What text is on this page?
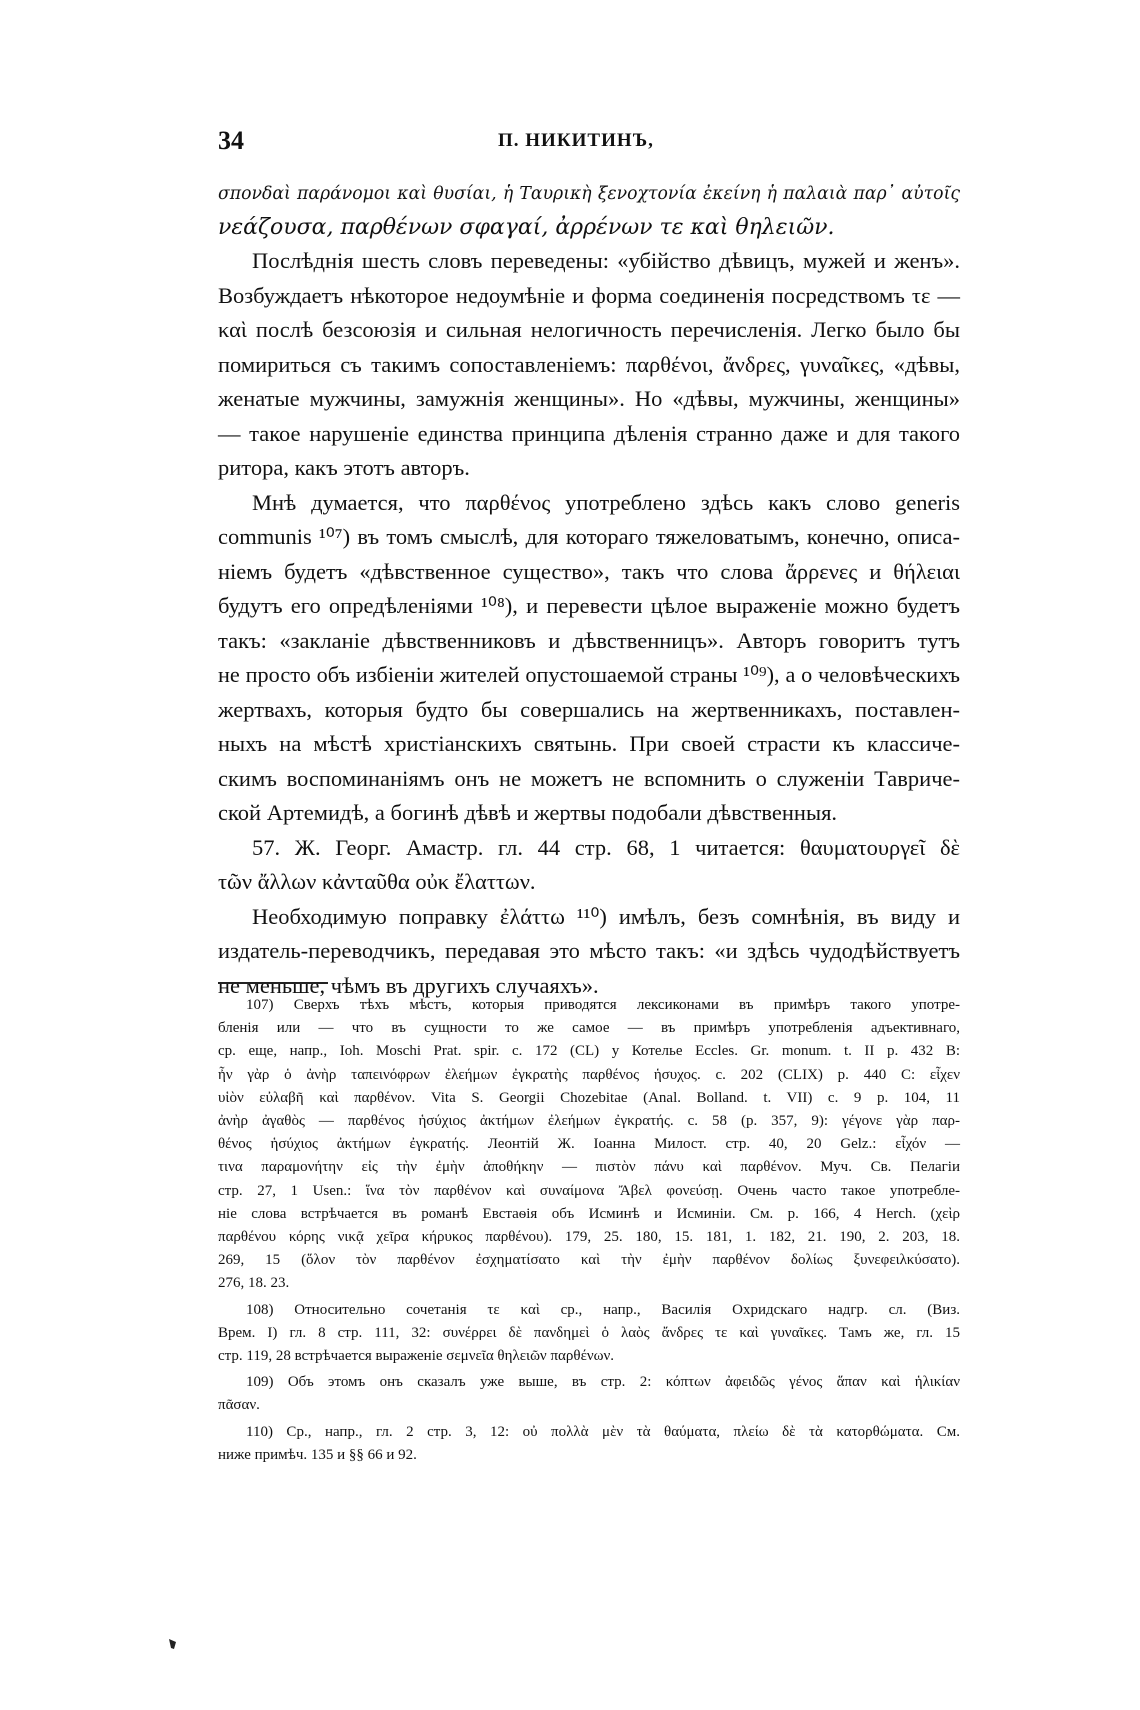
34	П. НИКИТИНЪ,
σπονδαὶ παράνομοι καὶ θυσίαι, ἡ Ταυρικὴ ξενοχτονία ἐκείνη ἡ παλαιὰ παρ᾽ αὐτοῖς
νεάζουσα, παρθένων σφαγαί, ἀρρένων τε καὶ θηλειῶν.
Послѣднія шесть словъ переведены: «убійство дѣвицъ, мужей и женъ».
Возбуждаетъ нѣкоторое недоумѣніе и форма соединенія посредствомъ τε —
καὶ послѣ безсоюзія и сильная нелогичность перечисленія. Легко было бы
помириться съ такимъ сопоставленіемъ: παρθένοι, ἄνδρες, γυναῖκες, «дѣвы,
женатые мужчины, замужнія женщины». Но «дѣвы, мужчины, женщины»
— такое нарушеніе единства принципа дѣленія странно даже и для такого
ритора, какъ этотъ авторъ.
Мнѣ думается, что παρθένος употреблено здѣсь какъ слово generis
communis ¹⁰⁷) въ томъ смыслѣ, для котораго тяжеловатымъ, конечно, описа-
ніемъ будетъ «дѣвственное существо», такъ что слова ἄρρενες и θήλειαι
будутъ его опредѣленіями ¹⁰⁸), и перевести цѣлое выраженіе можно будетъ
такъ: «закланіе дѣвственниковъ и дѣвственницъ». Авторъ говоритъ тутъ
не просто объ избіеніи жителей опустошаемой страны ¹⁰⁹), а о человѣческихъ
жертвахъ, которыя будто бы совершались на жертвенникахъ, поставлен-
ныхъ на мѣстѣ христіанскихъ святынь. При своей страсти къ классиче-
скимъ воспоминаніямъ онъ не можетъ не вспомнить о служеніи Тавриче-
ской Артемидѣ, а богинѣ дѣвѣ и жертвы подобали дѣвственныя.
57. Ж. Георг. Амастр. гл. 44 стр. 68, 1 читается: θαυματουργεῖ δὲ
τῶν ἄλλων κἀνταῦθα οὐκ ἔλαττων.
Необходимую поправку ἐλάττω ¹¹⁰) имѣлъ, безъ сомнѣнія, въ виду и
издатель-переводчикъ, передавая это мѣсто такъ: «и здѣсь чудодѣйствуетъ
не меньше, чѣмъ въ другихъ случаяхъ».
107) Сверхъ тѣхъ мѣстъ, которыя приводятся лексиконами въ примѣръ такого употре-
бленія или — что въ сущности то же самое — въ примѣръ употребленія адъективнаго,
ср. еще, напр., Ioh. Moschi Prat. spir. c. 172 (CL) у Котелье Eccles. Gr. monum. t. II p. 432 B:
ἦν γὰρ ὁ ἀνὴρ ταπεινόφρων ἐλεήμων ἐγκρατὴς παρθένος ἡσυχος. c. 202 (CLIX) p. 440 C: εἶχεν
υἱὸν εὐλαβῆ καὶ παρθένον. Vita S. Georgii Chozebitae (Anal. Bolland. t. VII) c. 9 p. 104, 11
ἀνὴρ ἀγαθὸς — παρθένος ἡσύχιος ἀκτήμων ἐλεήμων ἐγκρατής. c. 58 (p. 357, 9): γέγονε γὰρ παρ-
θένος ἡσύχιος ἀκτήμων ἐγκρατής. Леонтій Ж. Іоанна Милост. стр. 40, 20 Gelz.: εἶχόν —
τινα παραμονήτην εἰς τὴν ἐμὴν ἀποθήκην — πιστὸν πάνυ καὶ παρθένον. Муч. Св. Пелагіи
стр. 27, 1 Usen.: ἵνα τὸν παρθένον καὶ συναίμονα Ἄβελ φονεύσῃ. Очень часто такое употребле-
ніе слова встрѣчается въ романѣ Евстаѳія объ Исминѣ и Исминіи. См. p. 166, 4 Herch. (χεὶρ
παρθένου κόρης νικᾷ χεῖρα κήρυκος παρθένου). 179, 25. 180, 15. 181, 1. 182, 21. 190, 2. 203, 18.
269, 15 (ὅλον τὸν παρθένον ἐσχηματίσατο καὶ τὴν ἐμὴν παρθένον δολίως ξυνεφειλκύσατο).
276, 18. 23.
108) Относительно сочетанія τε καὶ ср., напр., Василія Охридскаго надгр. сл. (Виз.
Врем. I) гл. 8 стр. 111, 32: συνέρρει δὲ πανδημεὶ ὁ λαὸς ἄνδρες τε καὶ γυναῖκες. Тамъ же, гл. 15
стр. 119, 28 встрѣчается выраженіе σεμνεῖα θηλειῶν παρθένων.
109) Объ этомъ онъ сказалъ уже выше, въ стр. 2: κόπτων ἀφειδῶς γένος ἅπαν καὶ ἡλικίαν
πᾶσαν.
110) Ср., напр., гл. 2 стр. 3, 12: οὐ πολλὰ μὲν τὰ θαύματα, πλείω δὲ τὰ κατορθώματα. См.
ниже примѣч. 135 и §§ 66 и 92.
